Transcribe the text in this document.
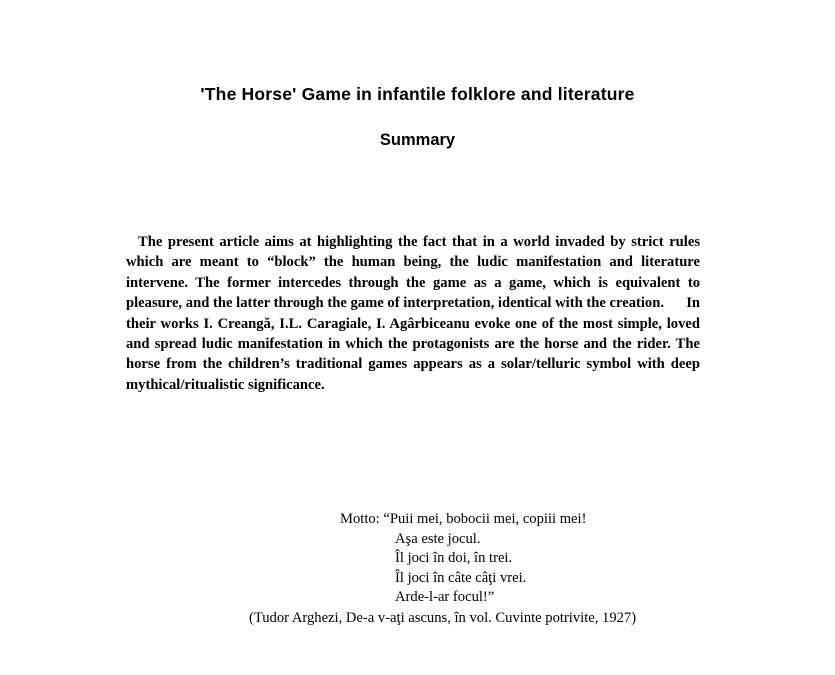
'The Horse' Game in infantile folklore and literature
Summary
The present article aims at highlighting the fact that in a world invaded by strict rules which are meant to “block” the human being, the ludic manifestation and literature intervene. The former intercedes through the game as a game, which is equivalent to pleasure, and the latter through the game of interpretation, identical with the creation.      In their works I. Creangă, I.L. Caragiale, I. Agârbiceanu evoke one of the most simple, loved and spread ludic manifestation in which the protagonists are the horse and the rider. The horse from the children’s traditional games appears as a solar/telluric symbol with deep mythical/ritualistic significance.
Motto: “Puii mei, bobocii mei, copiii mei!
Aşa este jocul.
Îl joci în doi, în trei.
Îl joci în câte câţi vrei.
Arde-l-ar focul!”
(Tudor Arghezi, De-a v-aţi ascuns, în vol. Cuvinte potrivite, 1927)
